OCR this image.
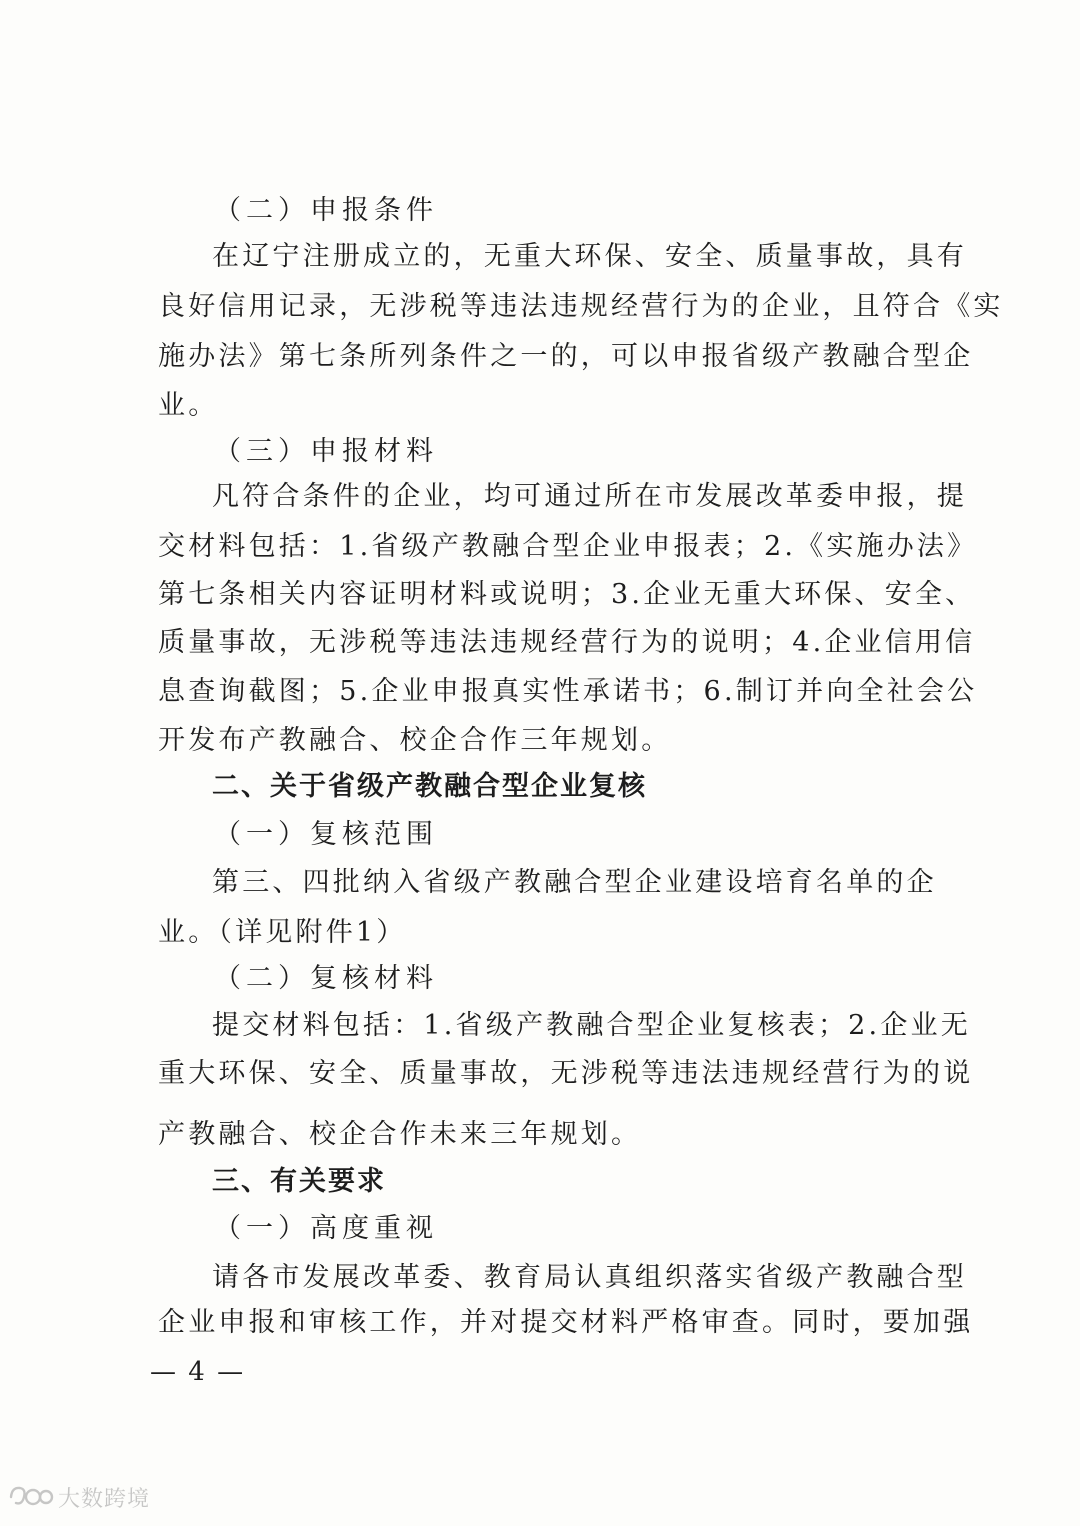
（二）申报条件
在辽宁注册成立的，无重大环保、安全、质量事故，具有
良好信用记录，无涉税等违法违规经营行为的企业，且符合《实
施办法》第七条所列条件之一的，可以申报省级产教融合型企
业。
（三）申报材料
凡符合条件的企业，均可通过所在市发展改革委申报，提
交材料包括：1.省级产教融合型企业申报表；2.《实施办法》
第七条相关内容证明材料或说明；3.企业无重大环保、安全、
质量事故，无涉税等违法违规经营行为的说明；4.企业信用信
息查询截图；5.企业申报真实性承诺书；6.制订并向全社会公
开发布产教融合、校企合作三年规划。
二、关于省级产教融合型企业复核
（一）复核范围
第三、四批纳入省级产教融合型企业建设培育名单的企
业。（详见附件1）
（二）复核材料
提交材料包括：1.省级产教融合型企业复核表；2.企业无
重大环保、安全、质量事故，无涉税等违法违规经营行为的说
产教融合、校企合作未来三年规划。
三、有关要求
（一）高度重视
请各市发展改革委、教育局认真组织落实省级产教融合型
企业申报和审核工作，并对提交材料严格审查。同时，要加强
— 4 —
大数跨境
